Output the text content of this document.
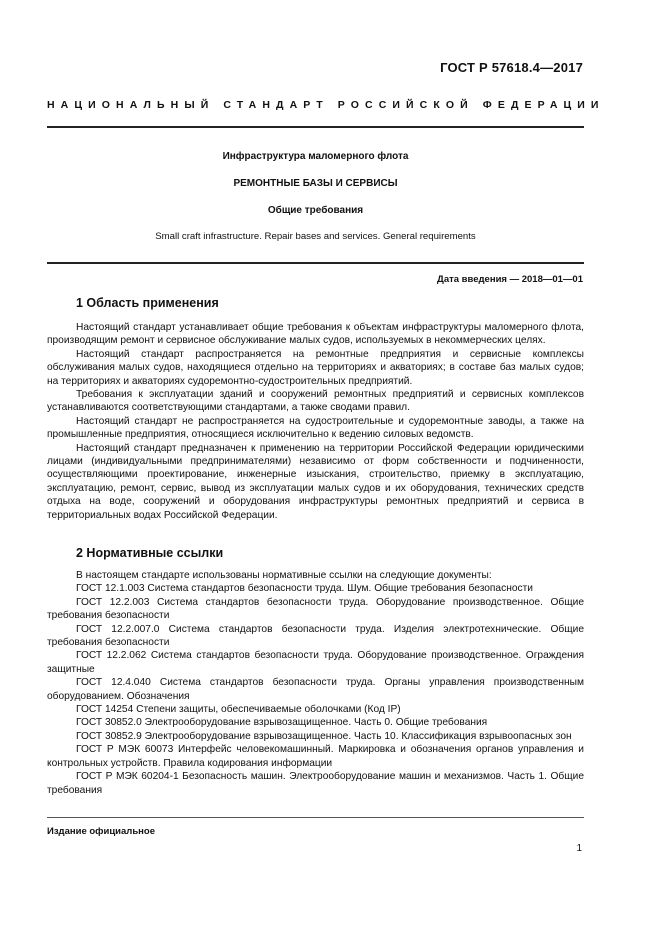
ГОСТ Р 57618.4—2017
НАЦИОНАЛЬНЫЙ СТАНДАРТ РОССИЙСКОЙ ФЕДЕРАЦИИ
Инфраструктура маломерного флота
РЕМОНТНЫЕ БАЗЫ И СЕРВИСЫ
Общие требования
Small craft infrastructure. Repair bases and services. General requirements
Дата введения — 2018—01—01
1 Область применения

Настоящий стандарт устанавливает общие требования к объектам инфраструктуры маломерного флота, производящим ремонт и сервисное обслуживание малых судов, используемых в некоммерческих целях.

Настоящий стандарт распространяется на ремонтные предприятия и сервисные комплексы обслуживания малых судов, находящиеся отдельно на территориях и акваториях; в составе баз малых судов; на территориях и акваториях судоремонтно-судостроительных предприятий.

Требования к эксплуатации зданий и сооружений ремонтных предприятий и сервисных комплексов устанавливаются соответствующими стандартами, а также сводами правил.

Настоящий стандарт не распространяется на судостроительные и судоремонтные заводы, а также на промышленные предприятия, относящиеся исключительно к ведению силовых ведомств.

Настоящий стандарт предназначен к применению на территории Российской Федерации юридическими лицами (индивидуальными предпринимателями) независимо от форм собственности и подчиненности, осуществляющими проектирование, инженерные изыскания, строительство, приемку в эксплуатацию, эксплуатацию, ремонт, сервис, вывод из эксплуатации малых судов и их оборудования, технических средств отдыха на воде, сооружений и оборудования инфраструктуры ремонтных предприятий и сервиса в территориальных водах Российской Федерации.

2 Нормативные ссылки

В настоящем стандарте использованы нормативные ссылки на следующие документы:

ГОСТ 12.1.003 Система стандартов безопасности труда. Шум. Общие требования безопасности

ГОСТ 12.2.003 Система стандартов безопасности труда. Оборудование производственное. Общие требования безопасности

ГОСТ 12.2.007.0 Система стандартов безопасности труда. Изделия электротехнические. Общие требования безопасности

ГОСТ 12.2.062 Система стандартов безопасности труда. Оборудование производственное. Ограждения защитные

ГОСТ 12.4.040 Система стандартов безопасности труда. Органы управления производственным оборудованием. Обозначения

ГОСТ 14254 Степени защиты, обеспечиваемые оболочками (Код IP)

ГОСТ 30852.0 Электрооборудование взрывозащищенное. Часть 0. Общие требования

ГОСТ 30852.9 Электрооборудование взрывозащищенное. Часть 10. Классификация взрывоопасных зон

ГОСТ Р МЭК 60073 Интерфейс человекомашинный. Маркировка и обозначения органов управления и контрольных устройств. Правила кодирования информации

ГОСТ Р МЭК 60204-1 Безопасность машин. Электрооборудование машин и механизмов. Часть 1. Общие требования

Издание официальное
1
